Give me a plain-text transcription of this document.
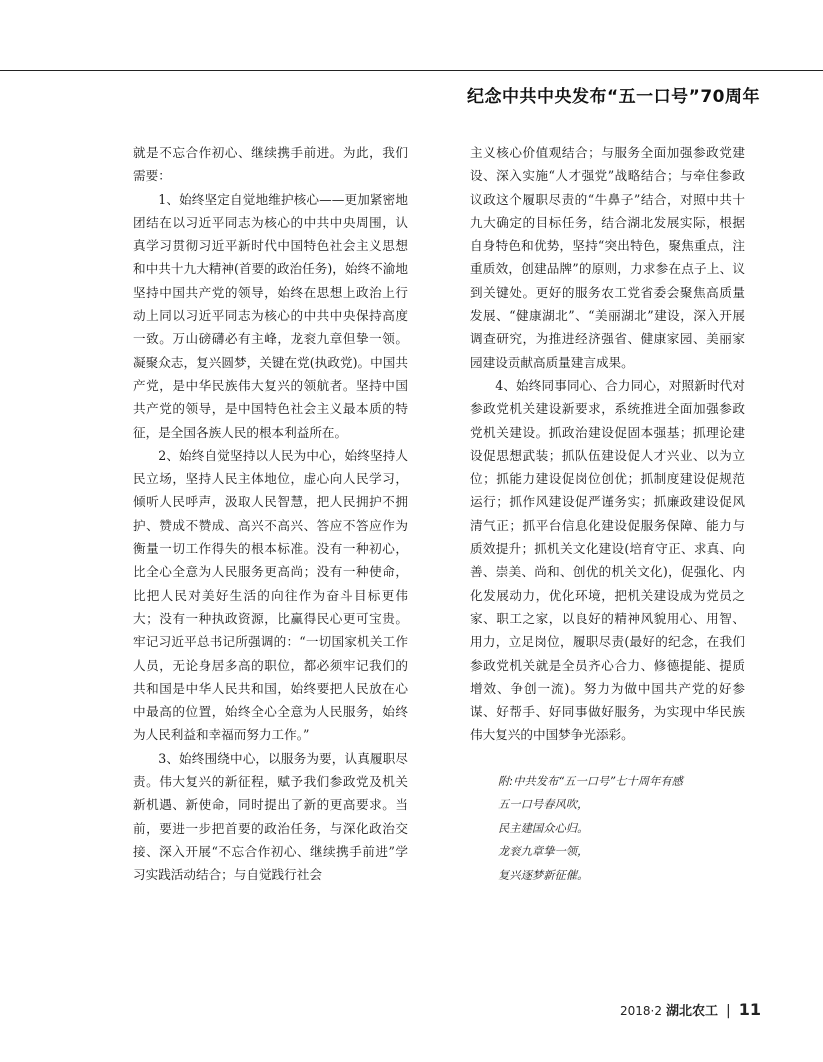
纪念中共中央发布“五一口号”70周年

就是不忘合作初心、继续携手前进。为此，我们需要：

1、始终坚定自觉地维护核心——更加紧密地团结在以习近平同志为核心的中共中央周围，认真学习贯彻习近平新时代中国特色社会主义思想和中共十九大精神(首要的政治任务)，始终不渝地坚持中国共产党的领导，始终在思想上政治上行动上同以习近平同志为核心的中共中央保持高度一致。万山磅礴必有主峰，龙衮九章但挚一领。凝聚众志，复兴圆梦，关键在党(执政党)。中国共产党，是中华民族伟大复兴的领航者。坚持中国共产党的领导，是中国特色社会主义最本质的特征，是全国各族人民的根本利益所在。

2、始终自觉坚持以人民为中心，始终坚持人民立场，坚持人民主体地位，虚心向人民学习，倾听人民呼声，汲取人民智慧，把人民拥护不拥护、赞成不赞成、高兴不高兴、答应不答应作为衡量一切工作得失的根本标准。没有一种初心，比全心全意为人民服务更高尚；没有一种使命，比把人民对美好生活的向往作为奋斗目标更伟大；没有一种执政资源，比赢得民心更可宝贵。牢记习近平总书记所强调的：“一切国家机关工作人员，无论身居多高的职位，都必须牢记我们的共和国是中华人民共和国，始终要把人民放在心中最高的位置，始终全心全意为人民服务，始终为人民利益和幸福而努力工作。”

3、始终围绕中心，以服务为要，认真履职尽责。伟大复兴的新征程，赋予我们参政党及机关新机遇、新使命，同时提出了新的更高要求。当前，要进一步把首要的政治任务，与深化政治交接、深入开展“不忘合作初心、继续携手前进”学习实践活动结合；与自觉践行社会

主义核心价值观结合；与服务全面加强参政党建设、深入实施“人才强党”战略结合；与牵住参政议政这个履职尽责的“牛鼻子”结合，对照中共十九大确定的目标任务，结合湖北发展实际，根据自身特色和优势，坚持“突出特色，聚焦重点，注重质效，创建品牌”的原则，力求参在点子上、议到关键处。更好的服务农工党省委会聚焦高质量发展、“健康湖北”、“美丽湖北”建设，深入开展调查研究，为推进经济强省、健康家园、美丽家园建设贡献高质量建言成果。

4、始终同事同心、合力同心，对照新时代对参政党机关建设新要求，系统推进全面加强参政党机关建设。抓政治建设促固本强基；抓理论建设促思想武装；抓队伍建设促人才兴业、以为立位；抓能力建设促岗位创优；抓制度建设促规范运行；抓作风建设促严谨务实；抓廉政建设促风清气正；抓平台信息化建设促服务保障、能力与质效提升；抓机关文化建设(培育守正、求真、向善、崇美、尚和、创优的机关文化)，促强化、内化发展动力，优化环境，把机关建设成为党员之家、职工之家，以良好的精神风貌用心、用智、用力，立足岗位，履职尽责(最好的纪念，在我们参政党机关就是全员齐心合力、修德提能、提质增效、争创一流)。努力为做中国共产党的好参谋、好帮手、好同事做好服务，为实现中华民族伟大复兴的中国梦争光添彩。

附:中共发布“五一口号”七十周年有感
五一口号春风吹，
民主建国众心归。
龙衮九章挚一领，
复兴逐梦新征催。
2018·2 湖北农工 | 11
